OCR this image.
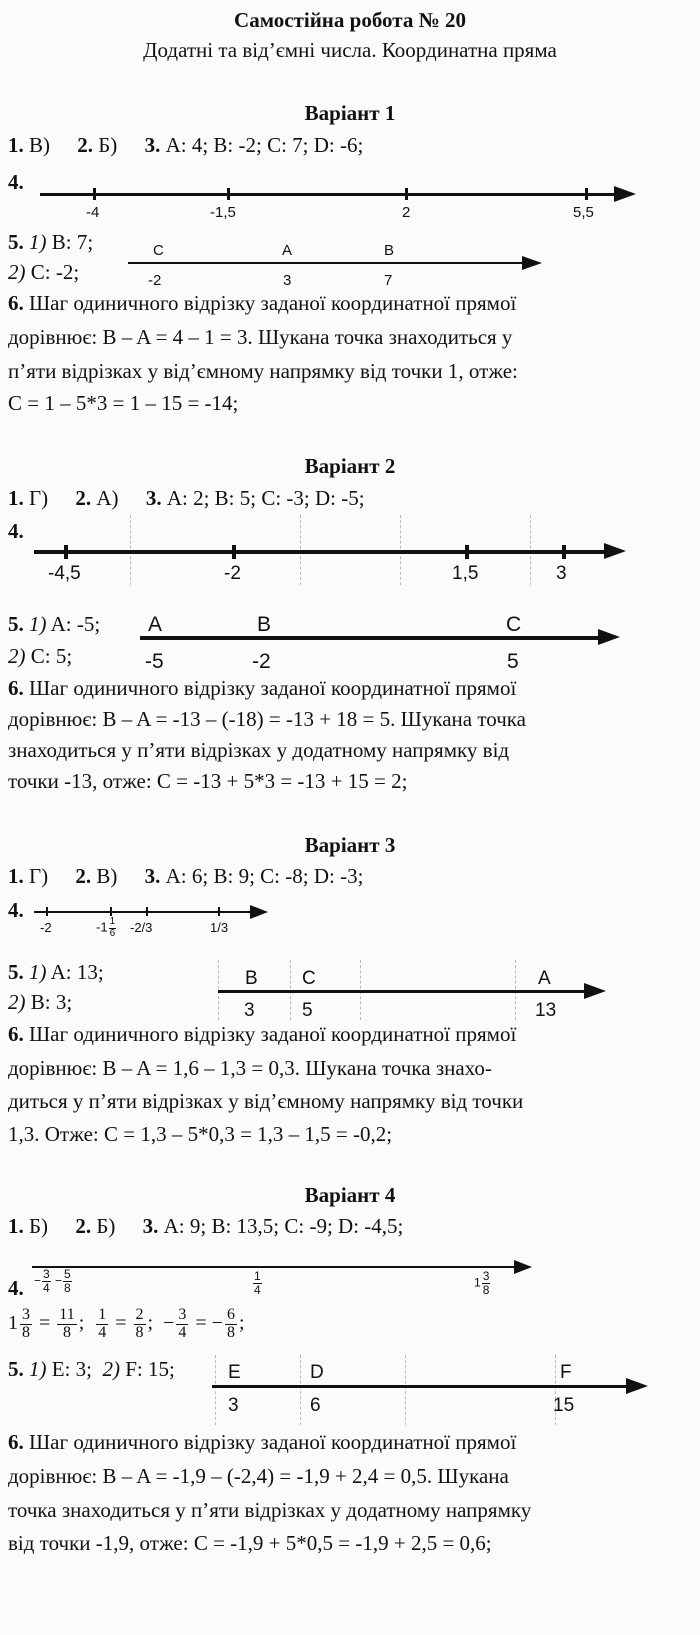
Самостійна робота № 20
Додатні та від’ємні числа. Координатна пряма
Варіант 1
1. В) 2. Б) 3. A: 4; B: -2; C: 7; D: -6;
4.
-4	-1,5	2	5,5
5. 1) B: 7;
2) C: -2;
C	A	B
-2	3	7
6. Шаг одиничного відрізку заданої координатної прямої
дорівнює: B – A = 4 – 1 = 3. Шукана точка знаходиться у
п’яти відрізках у від’ємному напрямку від точки 1, отже:
C = 1 – 5*3 = 1 – 15 = -14;
Варіант 2
1. Г) 2. А) 3. A: 2; B: 5; C: -3; D: -5;
4.
-4,5	-2	1,5	3
5. 1) A: -5;
2) C: 5;
A	B	C
-5	-2	5
6. Шаг одиничного відрізку заданої координатної прямої
дорівнює: B – A = -13 – (-18) = -13 + 18 = 5. Шукана точка
знаходиться у п’яти відрізках у додатному напрямку від
точки -13, отже: C = -13 + 5*3 = -13 + 15 = 2;
Варіант 3
1. Г) 2. В) 3. A: 6; B: 9; C: -8; D: -3;
4.
-2	$-1 \frac{1}{6} -2/3$	1/3
5. 1) A: 13;
2) B: 3;
B C	A
3 5	13
6. Шаг одиничного відрізку заданої координатної прямої
дорівнює: B – A = 1,6 – 1,3 = 0,3. Шукана точка знахо-
диться у п’яти відрізках у від’ємному напрямку від точки
1,3. Отже: C = 1,3 – 5*0,3 = 1,3 – 1,5 = -0,2;
Варіант 4
1. Б) 2. Б) 3. A: 9; B: 13,5; C: -9; D: -4,5;
4. − $\frac{3}{4} - \frac{5}{8}$	$\frac{1}{4}$	$1 \frac{3}{8}$
$1 \frac{3}{8} = \frac{11}{8}$ ; $\frac{1}{4} = \frac{2}{8}$ ;  − $\frac{3}{4}$ = − $\frac{6}{8}$ ;
5. 1) E: 3; 2) F: 15;	E	D	F
3	6	15
6. Шаг одиничного відрізку заданої координатної прямої
дорівнює: B – A = -1,9 – (-2,4) = -1,9 + 2,4 = 0,5. Шукана
точка знаходиться у п’яти відрізках у додатному напрямку
від точки -1,9, отже: C = -1,9 + 5*0,5 = -1,9 + 2,5 = 0,6;
